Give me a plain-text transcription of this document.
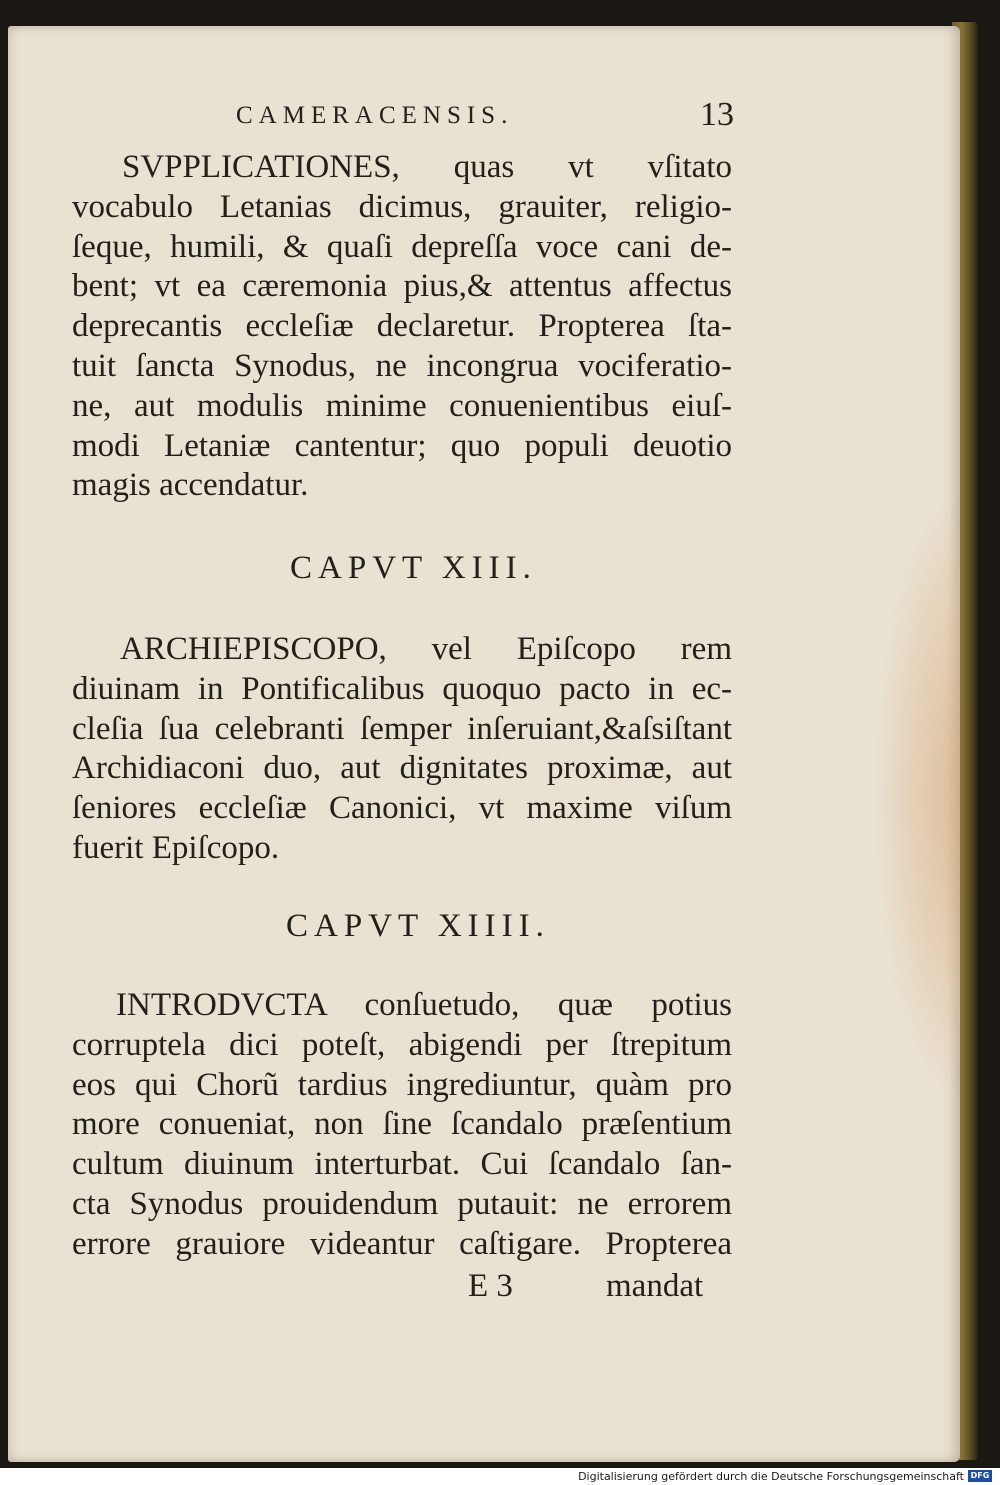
CAMERACENSIS.	13
SVPPLICATIONES, quas vt vſitato
vocabulo Letanias dicimus, grauiter, religio-
ſeque, humili, & quaſi depreſſa voce cani de-
bent; vt ea cæremonia pius,& attentus affectus
deprecantis eccleſiæ declaretur. Propterea ſta-
tuit ſancta Synodus, ne incongrua vociferatio-
ne, aut modulis minime conuenientibus eiuſ-
modi Letaniæ cantentur; quo populi deuotio
magis accendatur.
CAPVT XIII.
ARCHIEPISCOPO, vel Epiſcopo rem
diuinam in Pontificalibus quoquo pacto in ec-
cleſia ſua celebranti ſemper inſeruiant,&aſsiſtant
Archidiaconi duo, aut dignitates proximæ, aut
ſeniores eccleſiæ Canonici, vt maxime viſum
fuerit Epiſcopo.
CAPVT XIIII.
INTRODVCTA conſuetudo, quæ potius
corruptela dici poteſt, abigendi per ſtrepitum
eos qui Chorũ tardius ingrediuntur, quàm pro
more conueniat, non ſine ſcandalo præſentium
cultum diuinum interturbat. Cui ſcandalo ſan-
cta Synodus prouidendum putauit: ne errorem
errore grauiore videantur caſtigare. Propterea
E 3	mandat
Digitalisierung gefördert durch die Deutsche Forschungsgemeinschaft DFG
